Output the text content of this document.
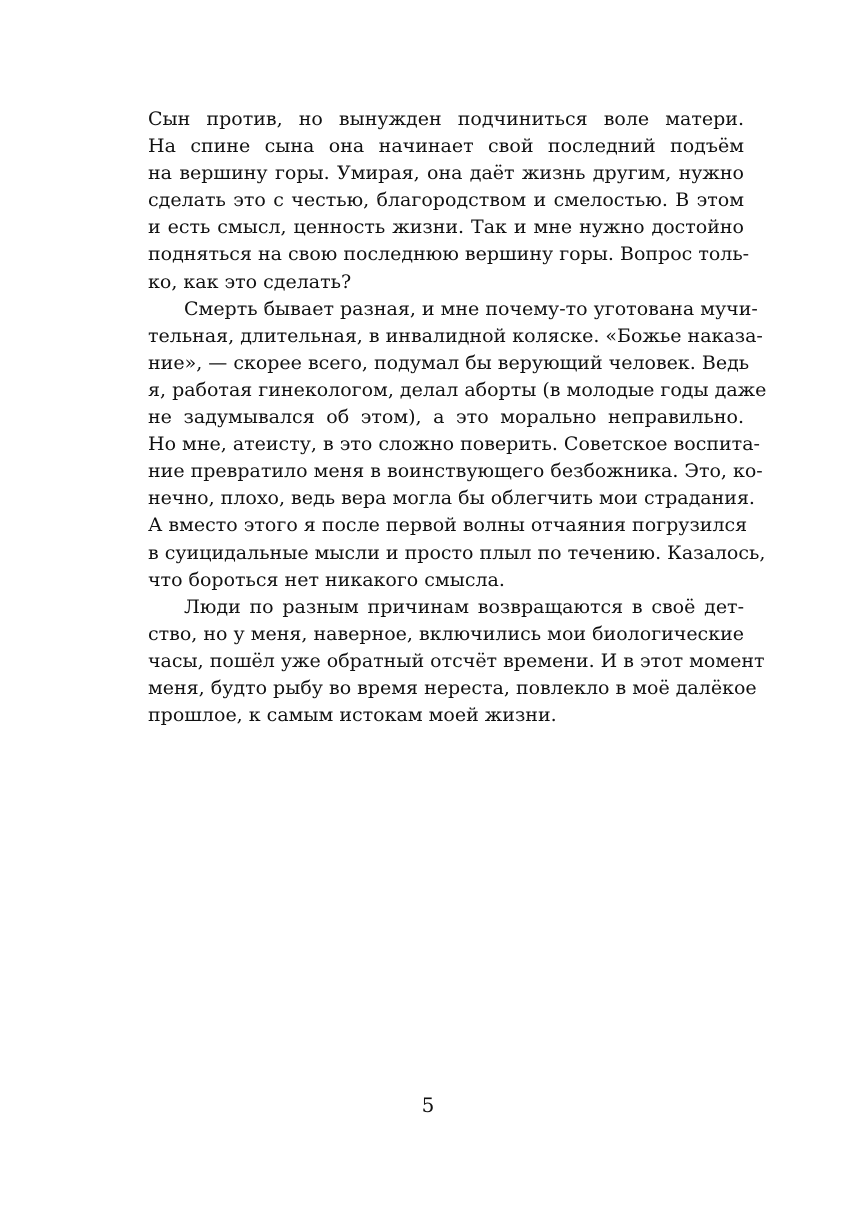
Сын против, но вынужден подчиниться воле матери.
На спине сына она начинает свой последний подъём
на вершину горы. Умирая, она даёт жизнь другим, нужно
сделать это с честью, благородством и смелостью. В этом
и есть смысл, ценность жизни. Так и мне нужно достойно
подняться на свою последнюю вершину горы. Вопрос толь-
ко, как это сделать?
Смерть бывает разная, и мне почему-то уготована мучи-
тельная, длительная, в инвалидной коляске. «Божье наказа-
ние», — скорее всего, подумал бы верующий человек. Ведь
я, работая гинекологом, делал аборты (в молодые годы даже
не задумывался об этом), а это морально неправильно.
Но мне, атеисту, в это сложно поверить. Советское воспита-
ние превратило меня в воинствующего безбожника. Это, ко-
нечно, плохо, ведь вера могла бы облегчить мои страдания.
А вместо этого я после первой волны отчаяния погрузился
в суицидальные мысли и просто плыл по течению. Казалось,
что бороться нет никакого смысла.
Люди по разным причинам возвращаются в своё дет-
ство, но у меня, наверное, включились мои биологические
часы, пошёл уже обратный отсчёт времени. И в этот момент
меня, будто рыбу во время нереста, повлекло в моё далёкое
прошлое, к самым истокам моей жизни.
5
